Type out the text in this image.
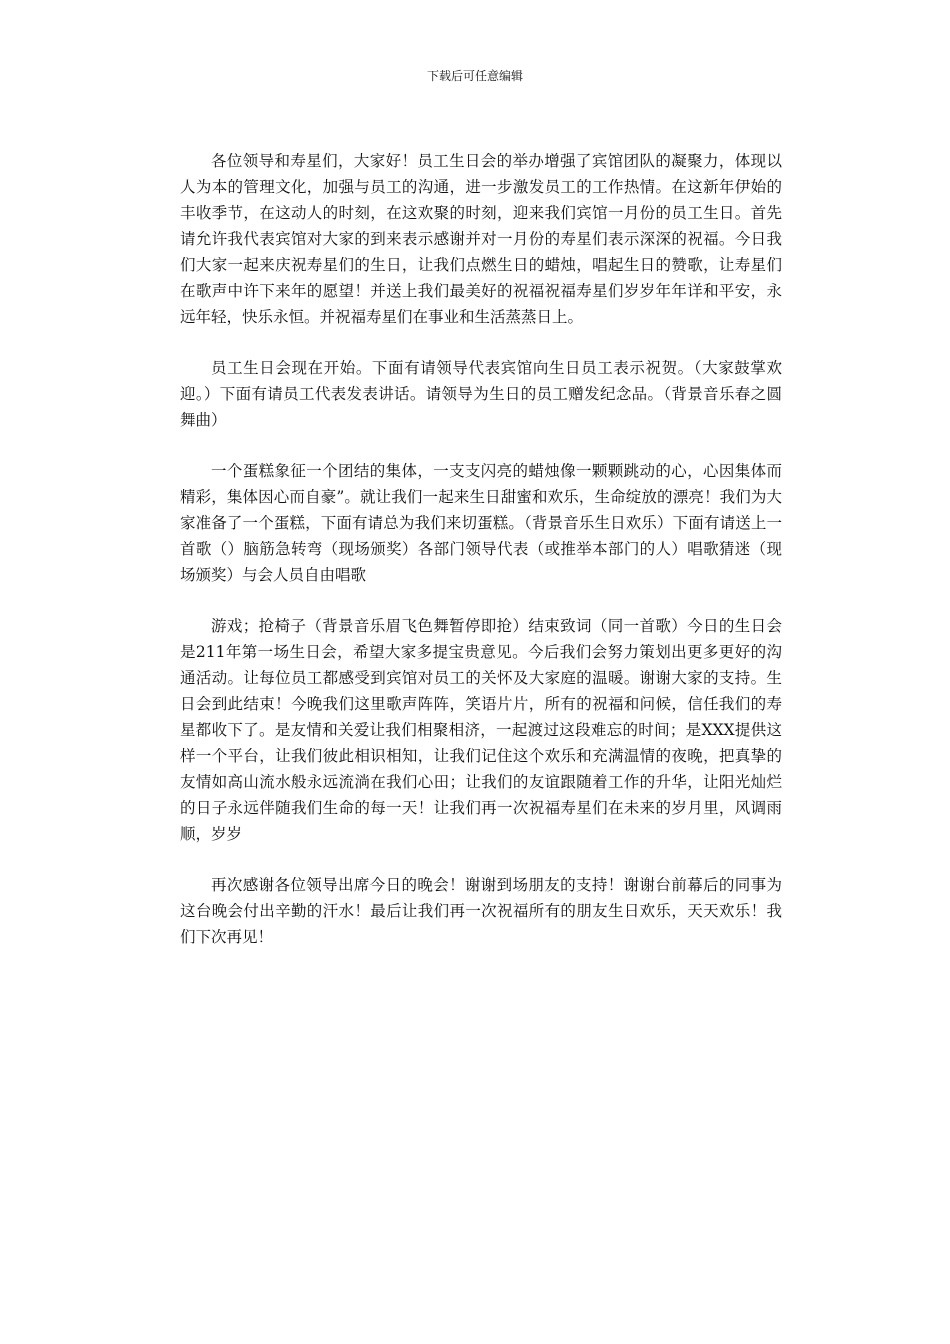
下载后可任意编辑

各位领导和寿星们，大家好！员工生日会的举办增强了宾馆团队的凝聚力，体现以人为本的管理文化，加强与员工的沟通，进一步激发员工的工作热情。在这新年伊始的丰收季节，在这动人的时刻，在这欢聚的时刻，迎来我们宾馆一月份的员工生日。首先请允许我代表宾馆对大家的到来表示感谢并对一月份的寿星们表示深深的祝福。今日我们大家一起来庆祝寿星们的生日，让我们点燃生日的蜡烛，唱起生日的赞歌，让寿星们在歌声中许下来年的愿望！并送上我们最美好的祝福祝福寿星们岁岁年年详和平安，永远年轻，快乐永恒。并祝福寿星们在事业和生活蒸蒸日上。

员工生日会现在开始。下面有请领导代表宾馆向生日员工表示祝贺。（大家鼓掌欢迎。）下面有请员工代表发表讲话。请领导为生日的员工赠发纪念品。（背景音乐春之圆舞曲）

一个蛋糕象征一个团结的集体，一支支闪亮的蜡烛像一颗颗跳动的心，心因集体而精彩，集体因心而自豪”。就让我们一起来生日甜蜜和欢乐，生命绽放的漂亮！我们为大家准备了一个蛋糕，下面有请总为我们来切蛋糕。（背景音乐生日欢乐）下面有请送上一首歌（）脑筋急转弯（现场颁奖）各部门领导代表（或推举本部门的人）唱歌猜迷（现场颁奖）与会人员自由唱歌

游戏；抢椅子（背景音乐眉飞色舞暂停即抢）结束致词（同一首歌）今日的生日会是211年第一场生日会，希望大家多提宝贵意见。今后我们会努力策划出更多更好的沟通活动。让每位员工都感受到宾馆对员工的关怀及大家庭的温暖。谢谢大家的支持。生日会到此结束！今晚我们这里歌声阵阵，笑语片片，所有的祝福和问候，信任我们的寿星都收下了。是友情和关爱让我们相聚相济，一起渡过这段难忘的时间；是XXX提供这样一个平台，让我们彼此相识相知，让我们记住这个欢乐和充满温情的夜晚，把真挚的友情如高山流水般永远流淌在我们心田；让我们的友谊跟随着工作的升华，让阳光灿烂的日子永远伴随我们生命的每一天！让我们再一次祝福寿星们在未来的岁月里，风调雨顺，岁岁

再次感谢各位领导出席今日的晚会！谢谢到场朋友的支持！谢谢台前幕后的同事为这台晚会付出辛勤的汗水！最后让我们再一次祝福所有的朋友生日欢乐，天天欢乐！我们下次再见！
